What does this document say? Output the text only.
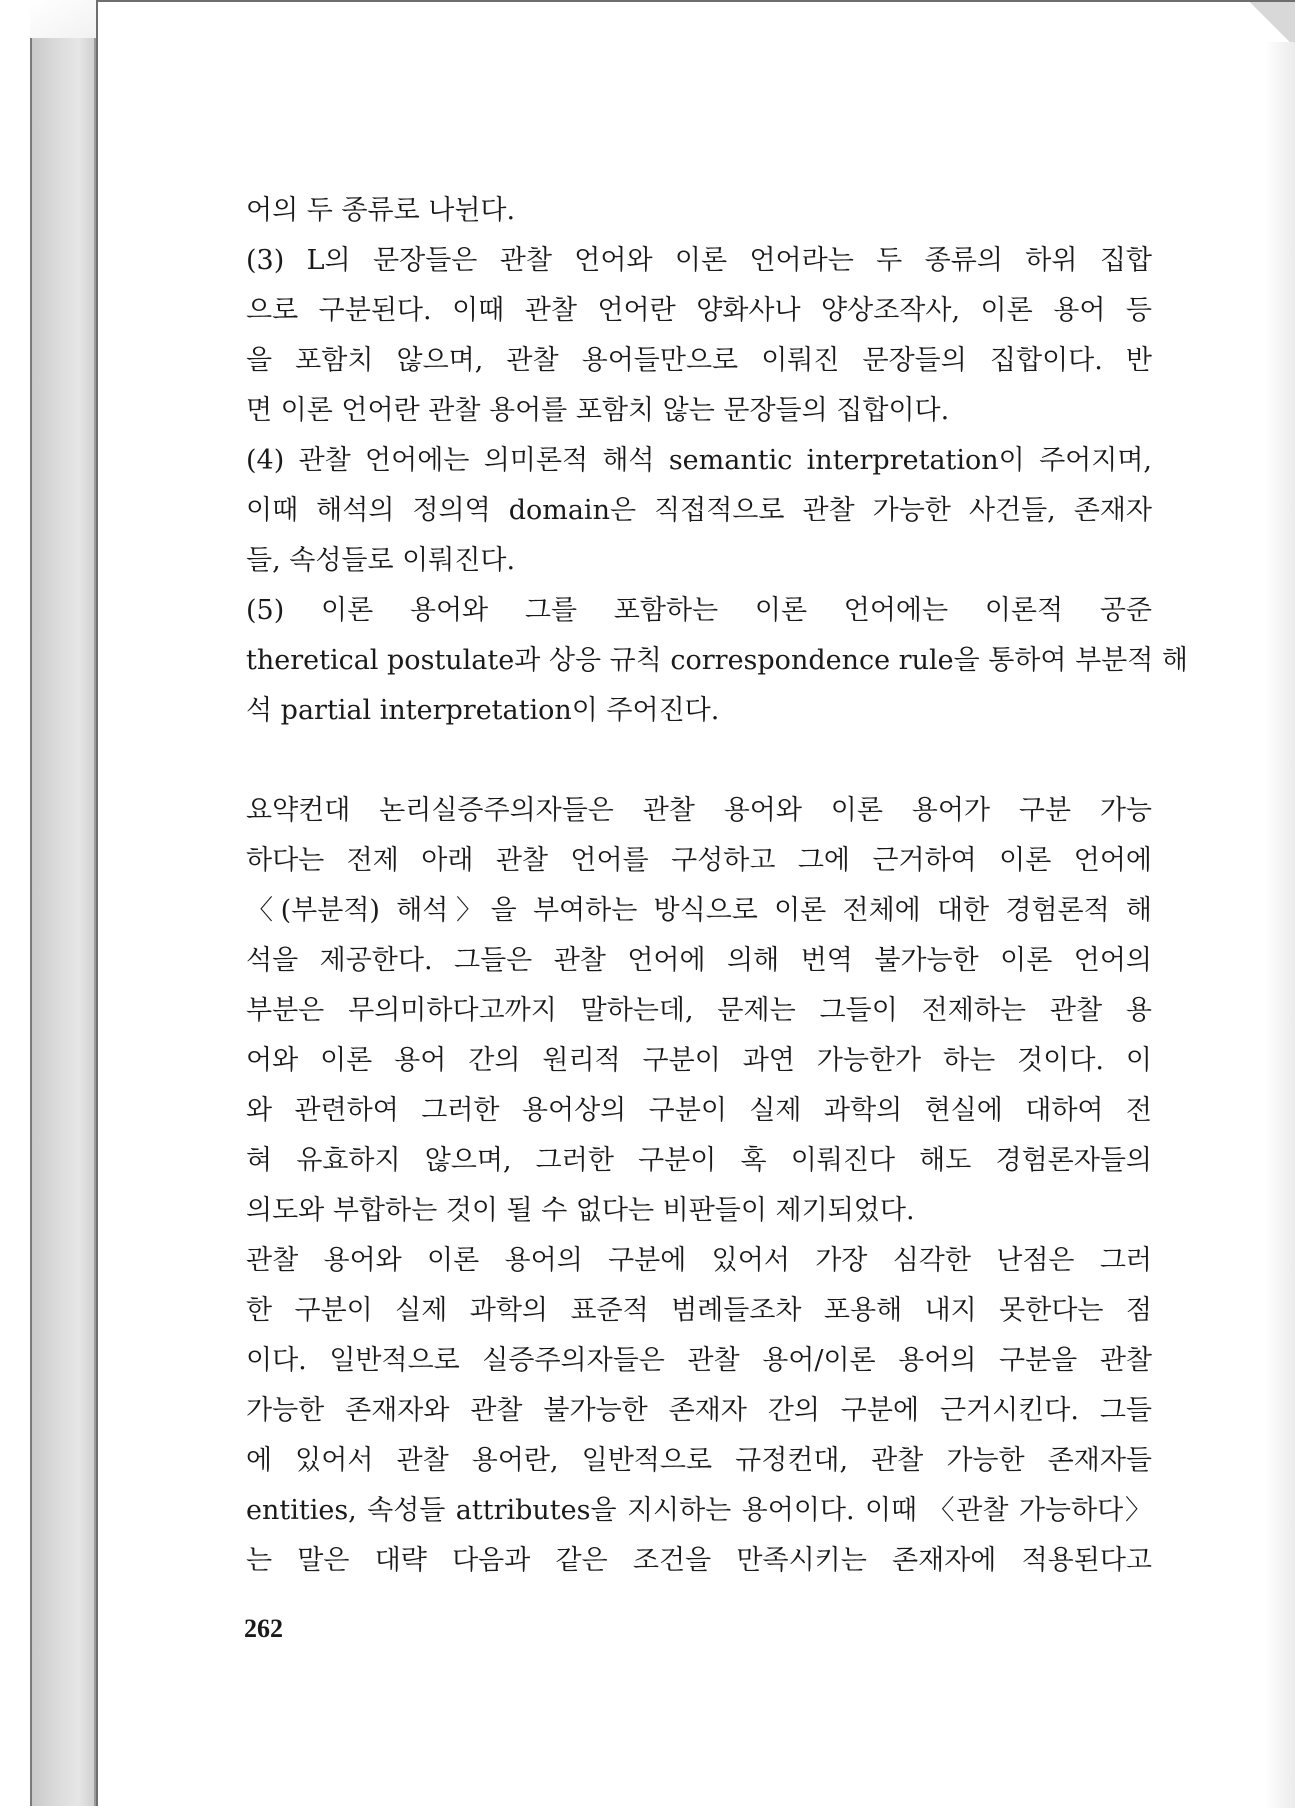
어의 두 종류로 나뉜다.
(3) L의 문장들은 관찰 언어와 이론 언어라는 두 종류의 하위 집합
으로 구분된다. 이때 관찰 언어란 양화사나 양상조작사, 이론 용어 등
을 포함치 않으며, 관찰 용어들만으로 이뤄진 문장들의 집합이다. 반
면 이론 언어란 관찰 용어를 포함치 않는 문장들의 집합이다.
(4) 관찰 언어에는 의미론적 해석 semantic interpretation이 주어지며,
이때 해석의 정의역 domain은 직접적으로 관찰 가능한 사건들, 존재자
들, 속성들로 이뤄진다.
(5) 이론 용어와 그를 포함하는 이론 언어에는 이론적 공준
theretical postulate과 상응 규칙 correspondence rule을 통하여 부분적 해
석 partial interpretation이 주어진다.
요약컨대 논리실증주의자들은 관찰 용어와 이론 용어가 구분 가능
하다는 전제 아래 관찰 언어를 구성하고 그에 근거하여 이론 언어에
〈(부분적) 해석〉을 부여하는 방식으로 이론 전체에 대한 경험론적 해
석을 제공한다. 그들은 관찰 언어에 의해 번역 불가능한 이론 언어의
부분은 무의미하다고까지 말하는데, 문제는 그들이 전제하는 관찰 용
어와 이론 용어 간의 원리적 구분이 과연 가능한가 하는 것이다. 이
와 관련하여 그러한 용어상의 구분이 실제 과학의 현실에 대하여 전
혀 유효하지 않으며, 그러한 구분이 혹 이뤄진다 해도 경험론자들의
의도와 부합하는 것이 될 수 없다는 비판들이 제기되었다.
관찰 용어와 이론 용어의 구분에 있어서 가장 심각한 난점은 그러
한 구분이 실제 과학의 표준적 범례들조차 포용해 내지 못한다는 점
이다. 일반적으로 실증주의자들은 관찰 용어/이론 용어의 구분을 관찰
가능한 존재자와 관찰 불가능한 존재자 간의 구분에 근거시킨다. 그들
에 있어서 관찰 용어란, 일반적으로 규정컨대, 관찰 가능한 존재자들
entities, 속성들 attributes을 지시하는 용어이다. 이때 〈관찰 가능하다〉
는 말은 대략 다음과 같은 조건을 만족시키는 존재자에 적용된다고
262
